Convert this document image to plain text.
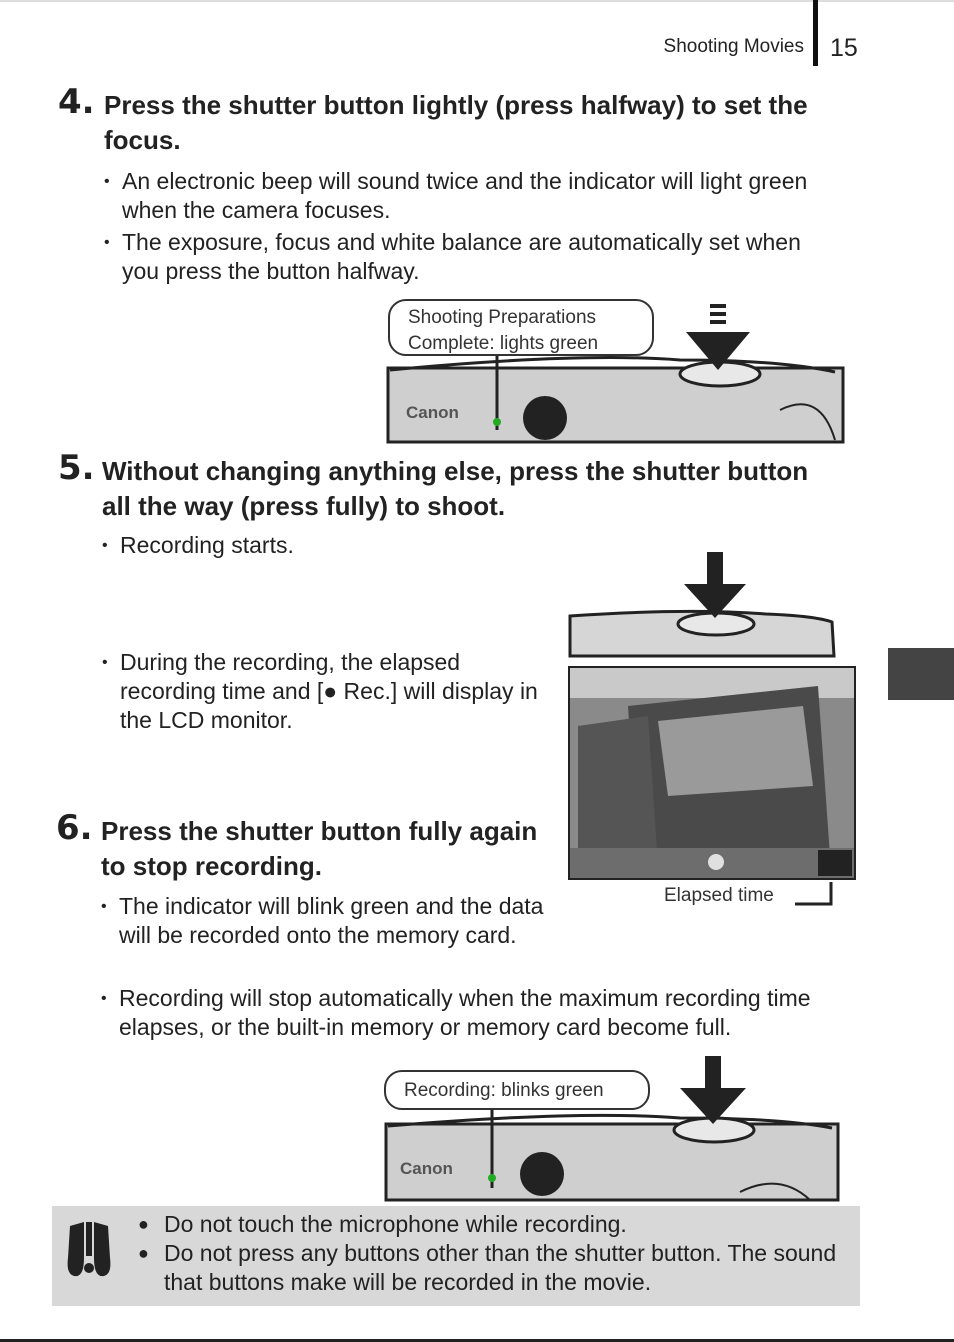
Shooting Movies 15
4. Press the shutter button lightly (press halfway) to set the focus.
• An electronic beep will sound twice and the indicator will light green when the camera focuses.
• The exposure, focus and white balance are automatically set when you press the button halfway.
Canon
Shooting Preparations
Complete: lights green
5. Without changing anything else, press the shutter button all the way (press fully) to shoot.
• Recording starts.
• During the recording, the elapsed recording time and [● Rec.] will display in the LCD monitor.
Elapsed time
6. Press the shutter button fully again to stop recording.
• The indicator will blink green and the data will be recorded onto the memory card.
• Recording will stop automatically when the maximum recording time elapses, or the built-in memory or memory card become full.
Canon
Recording: blinks green
● Do not touch the microphone while recording.
● Do not press any buttons other than the shutter button. The sound that buttons make will be recorded in the movie.
